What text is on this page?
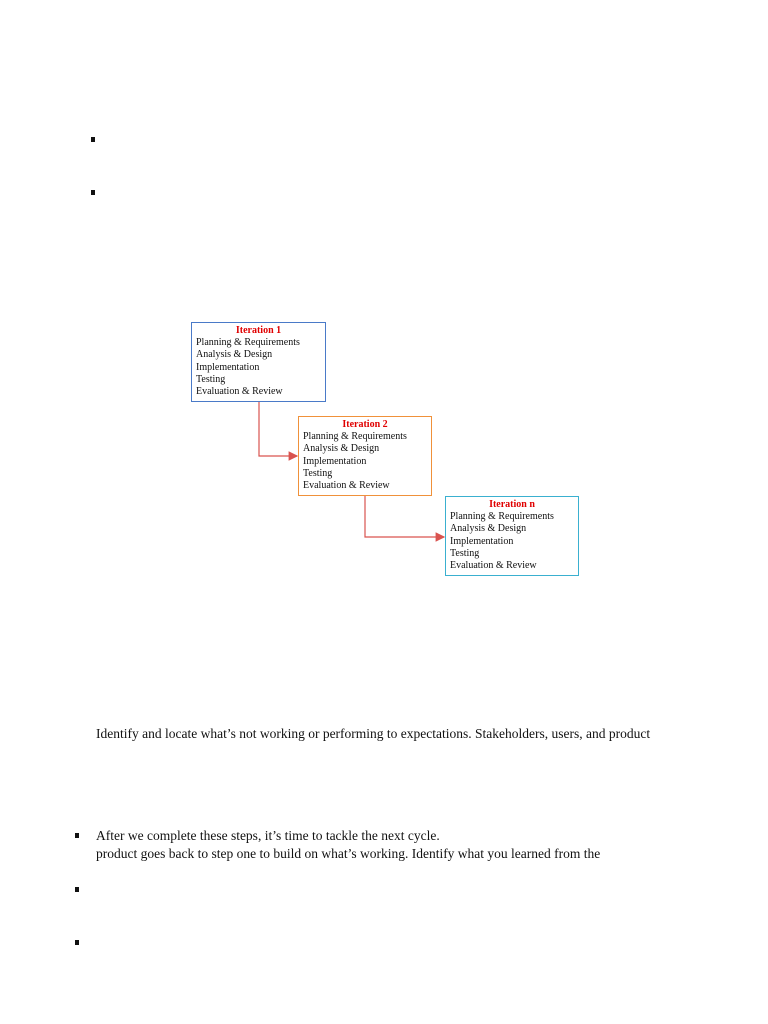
Iteration 1
Planning & Requirements
Analysis & Design
Implementation
Testing
Evaluation & Review
Iteration 2
Planning & Requirements
Analysis & Design
Implementation
Testing
Evaluation & Review
Iteration n
Planning & Requirements
Analysis & Design
Implementation
Testing
Evaluation & Review
Identify and locate what’s not working or performing to expectations. Stakeholders, users, and product
After we complete these steps, it’s time to tackle the next cycle.
product goes back to step one to build on what’s working. Identify what you learned from the
